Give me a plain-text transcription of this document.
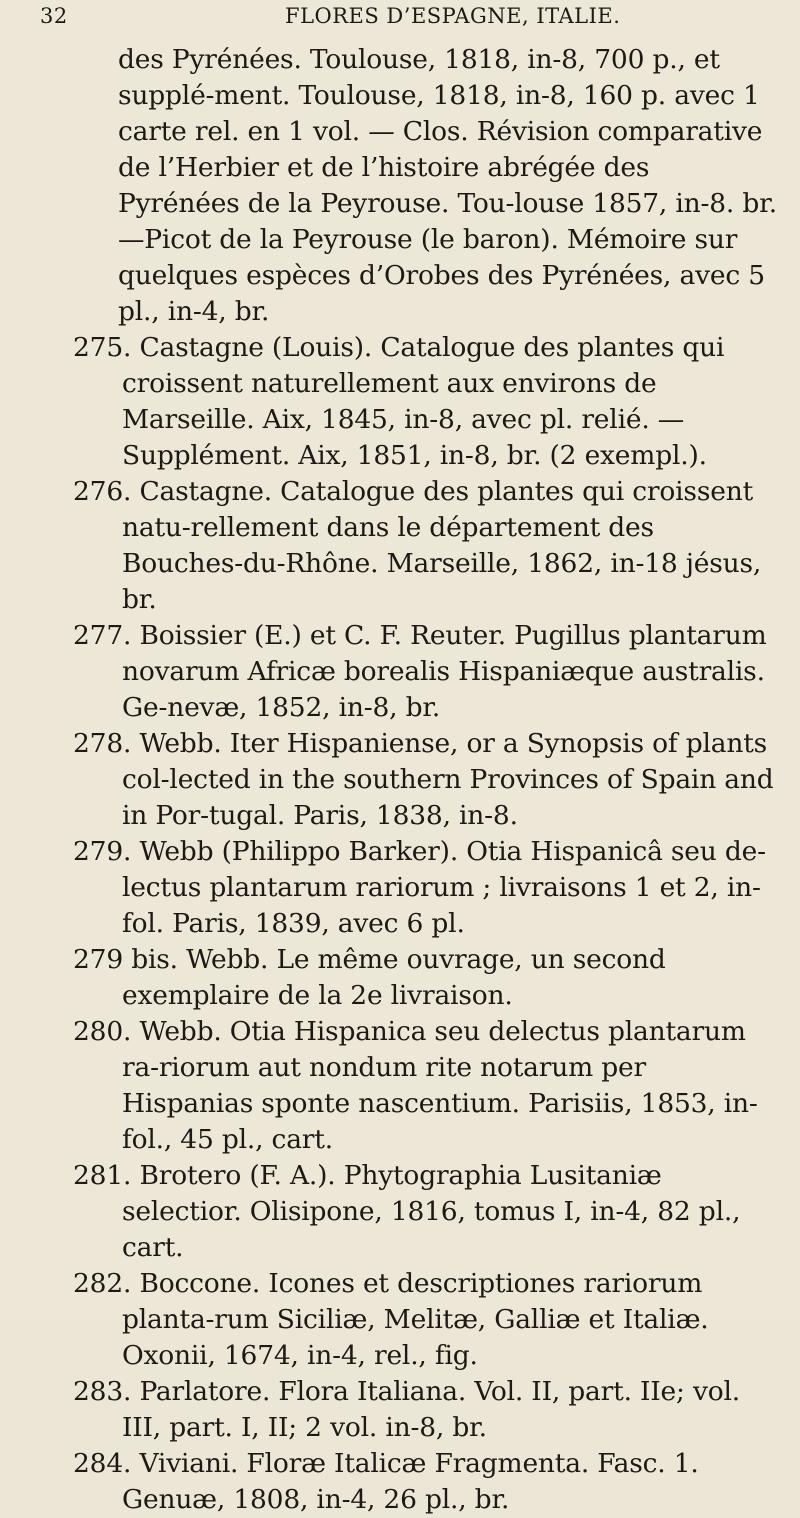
32	FLORES D’ESPAGNE, ITALIE.

des Pyrénées. Toulouse, 1818, in-8, 700 p., et supplé-ment. Toulouse, 1818, in-8, 160 p. avec 1 carte rel. en 1 vol. — Clos. Révision comparative de l’Herbier et de l’histoire abrégée des Pyrénées de la Peyrouse. Tou-louse 1857, in-8. br.—Picot de la Peyrouse (le baron). Mémoire sur quelques espèces d’Orobes des Pyrénées, avec 5 pl., in-4, br.

275. Castagne (Louis). Catalogue des plantes qui croissent naturellement aux environs de Marseille. Aix, 1845, in-8, avec pl. relié. — Supplément. Aix, 1851, in-8, br. (2 exempl.).

276. Castagne. Catalogue des plantes qui croissent natu-rellement dans le département des Bouches-du-Rhône. Marseille, 1862, in-18 jésus, br.

277. Boissier (E.) et C. F. Reuter. Pugillus plantarum novarum Africæ borealis Hispaniæque australis. Ge-nevæ, 1852, in-8, br.

278. Webb. Iter Hispaniense, or a Synopsis of plants col-lected in the southern Provinces of Spain and in Por-tugal. Paris, 1838, in-8.

279. Webb (Philippo Barker). Otia Hispanicâ seu de-lectus plantarum rariorum ; livraisons 1 et 2, in-fol. Paris, 1839, avec 6 pl.

279 bis. Webb. Le même ouvrage, un second exemplaire de la 2e livraison.

280. Webb. Otia Hispanica seu delectus plantarum ra-riorum aut nondum rite notarum per Hispanias sponte nascentium. Parisiis, 1853, in-fol., 45 pl., cart.

281. Brotero (F. A.). Phytographia Lusitaniæ selectior. Olisipone, 1816, tomus I, in-4, 82 pl., cart.

282. Boccone. Icones et descriptiones rariorum planta-rum Siciliæ, Melitæ, Galliæ et Italiæ. Oxonii, 1674, in-4, rel., fig.

283. Parlatore. Flora Italiana. Vol. II, part. IIe; vol. III, part. I, II; 2 vol. in-8, br.

284. Viviani. Floræ Italicæ Fragmenta. Fasc. 1. Genuæ, 1808, in-4, 26 pl., br.
